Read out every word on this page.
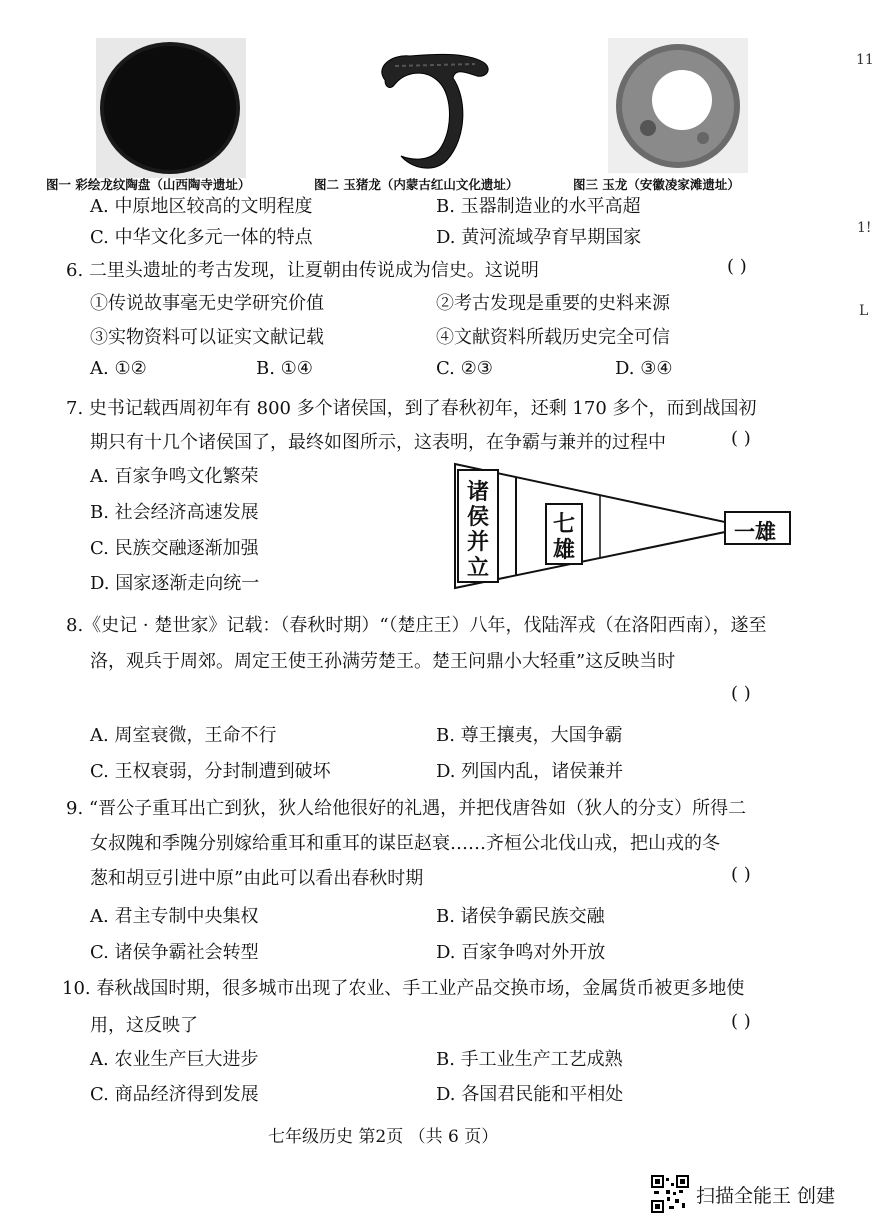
图一 彩绘龙纹陶盘（山西陶寺遗址）	图二 玉猪龙（内蒙古红山文化遗址）	图三 玉龙（安徽凌家滩遗址）
A. 中原地区较高的文明程度	B. 玉器制造业的水平高超
C. 中华文化多元一体的特点	D. 黄河流域孕育早期国家
6. 二里头遗址的考古发现，让夏朝由传说成为信史。这说明	( )
①传说故事毫无史学研究价值	②考古发现是重要的史料来源
③实物资料可以证实文献记载	④文献资料所载历史完全可信
A. ①②	B. ①④	C. ②③	D. ③④
7. 史书记载西周初年有 800 多个诸侯国，到了春秋初年，还剩 170 多个，而到战国初
期只有十几个诸侯国了，最终如图所示，这表明，在争霸与兼并的过程中	( )
A. 百家争鸣文化繁荣
B. 社会经济高速发展
C. 民族交融逐渐加强
D. 国家逐渐走向统一
诸
侯
并
立
七
雄
一雄
8.《史记 · 楚世家》记载：（春秋时期）“（楚庄王）八年，伐陆浑戎（在洛阳西南），遂至
洛，观兵于周郊。周定王使王孙满劳楚王。楚王问鼎小大轻重”这反映当时
( )
A. 周室衰微，王命不行	B. 尊王攘夷，大国争霸
C. 王权衰弱，分封制遭到破坏	D. 列国内乱，诸侯兼并
9. “晋公子重耳出亡到狄，狄人给他很好的礼遇，并把伐唐咎如（狄人的分支）所得二
女叔隗和季隗分别嫁给重耳和重耳的谋臣赵衰……齐桓公北伐山戎，把山戎的冬
葱和胡豆引进中原”由此可以看出春秋时期	( )
A. 君主专制中央集权	B. 诸侯争霸民族交融
C. 诸侯争霸社会转型	D. 百家争鸣对外开放
10. 春秋战国时期，很多城市出现了农业、手工业产品交换市场，金属货币被更多地使
用，这反映了	( )
A. 农业生产巨大进步	B. 手工业生产工艺成熟
C. 商品经济得到发展	D. 各国君民能和平相处
七年级历史 第2页 （共 6 页）
扫描全能王 创建
11
1!
L
